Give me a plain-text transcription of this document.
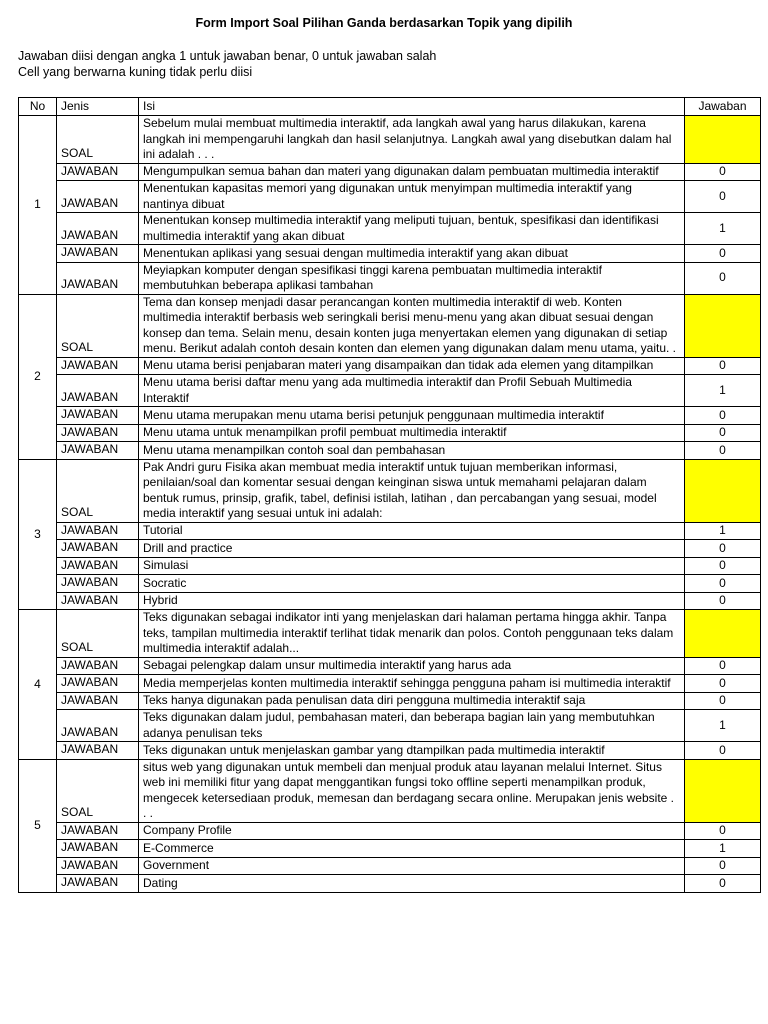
Form Import Soal Pilihan Ganda berdasarkan Topik yang dipilih
Jawaban diisi dengan angka 1 untuk jawaban benar, 0 untuk jawaban salah
Cell yang berwarna kuning tidak perlu diisi
No	Jenis	Isi	Jawaban
1	SOAL	Sebelum mulai membuat multimedia interaktif, ada langkah awal yang harus dilakukan, karena langkah ini mempengaruhi langkah dan hasil selanjutnya. Langkah awal yang disebutkan dalam hal ini adalah . . .	
	JAWABAN	Mengumpulkan semua bahan dan materi yang digunakan dalam pembuatan multimedia interaktif	0
	JAWABAN	Menentukan kapasitas memori yang digunakan untuk menyimpan multimedia interaktif yang nantinya dibuat	0
	JAWABAN	Menentukan konsep multimedia interaktif yang meliputi tujuan, bentuk, spesifikasi dan identifikasi multimedia interaktif yang akan dibuat	1
	JAWABAN	Menentukan aplikasi yang sesuai dengan multimedia interaktif yang akan dibuat	0
	JAWABAN	Meyiapkan komputer dengan spesifikasi tinggi karena pembuatan multimedia interaktif membutuhkan beberapa aplikasi tambahan	0
2	SOAL	Tema dan konsep menjadi dasar perancangan konten multimedia interaktif di web. Konten multimedia interaktif berbasis web seringkali berisi menu-menu yang akan dibuat sesuai dengan konsep dan tema. Selain menu, desain konten juga menyertakan elemen yang digunakan di setiap menu. Berikut adalah contoh desain konten dan elemen yang digunakan dalam menu utama, yaitu. .	
	JAWABAN	Menu utama berisi penjabaran materi yang disampaikan dan tidak ada elemen yang ditampilkan	0
	JAWABAN	Menu utama berisi daftar menu yang ada multimedia interaktif dan Profil Sebuah Multimedia Interaktif	1
	JAWABAN	Menu utama merupakan menu utama berisi petunjuk penggunaan multimedia interaktif	0
	JAWABAN	Menu utama untuk menampilkan profil pembuat multimedia interaktif	0
	JAWABAN	Menu utama menampilkan contoh soal dan pembahasan	0
3	SOAL	Pak Andri guru Fisika akan membuat media interaktif untuk tujuan memberikan informasi, penilaian/soal dan komentar sesuai dengan keinginan siswa untuk memahami pelajaran dalam bentuk rumus, prinsip, grafik, tabel, definisi istilah, latihan , dan percabangan yang sesuai, model media interaktif yang sesuai untuk ini adalah:	
	JAWABAN	Tutorial	1
	JAWABAN	Drill and practice	0
	JAWABAN	Simulasi	0
	JAWABAN	Socratic	0
	JAWABAN	Hybrid	0
4	SOAL	Teks digunakan sebagai indikator inti yang menjelaskan dari halaman pertama hingga akhir. Tanpa teks, tampilan multimedia interaktif terlihat tidak menarik dan polos. Contoh penggunaan teks dalam multimedia interaktif adalah...	
	JAWABAN	Sebagai pelengkap dalam unsur multimedia interaktif yang harus ada	0
	JAWABAN	Media memperjelas konten multimedia interaktif sehingga pengguna paham isi multimedia interaktif	0
	JAWABAN	Teks hanya digunakan pada penulisan data diri pengguna multimedia interaktif saja	0
	JAWABAN	Teks digunakan dalam judul, pembahasan materi, dan beberapa bagian lain yang membutuhkan adanya penulisan teks	1
	JAWABAN	Teks digunakan untuk menjelaskan gambar yang dtampilkan pada multimedia interaktif	0
5	SOAL	situs web yang digunakan untuk membeli dan menjual produk atau layanan melalui Internet. Situs web ini memiliki fitur yang dapat menggantikan fungsi toko offline seperti menampilkan produk, mengecek ketersediaan produk, memesan dan berdagang secara online. Merupakan jenis website . . .	
	JAWABAN	Company Profile	0
	JAWABAN	E-Commerce	1
	JAWABAN	Government	0
	JAWABAN	Dating	0
